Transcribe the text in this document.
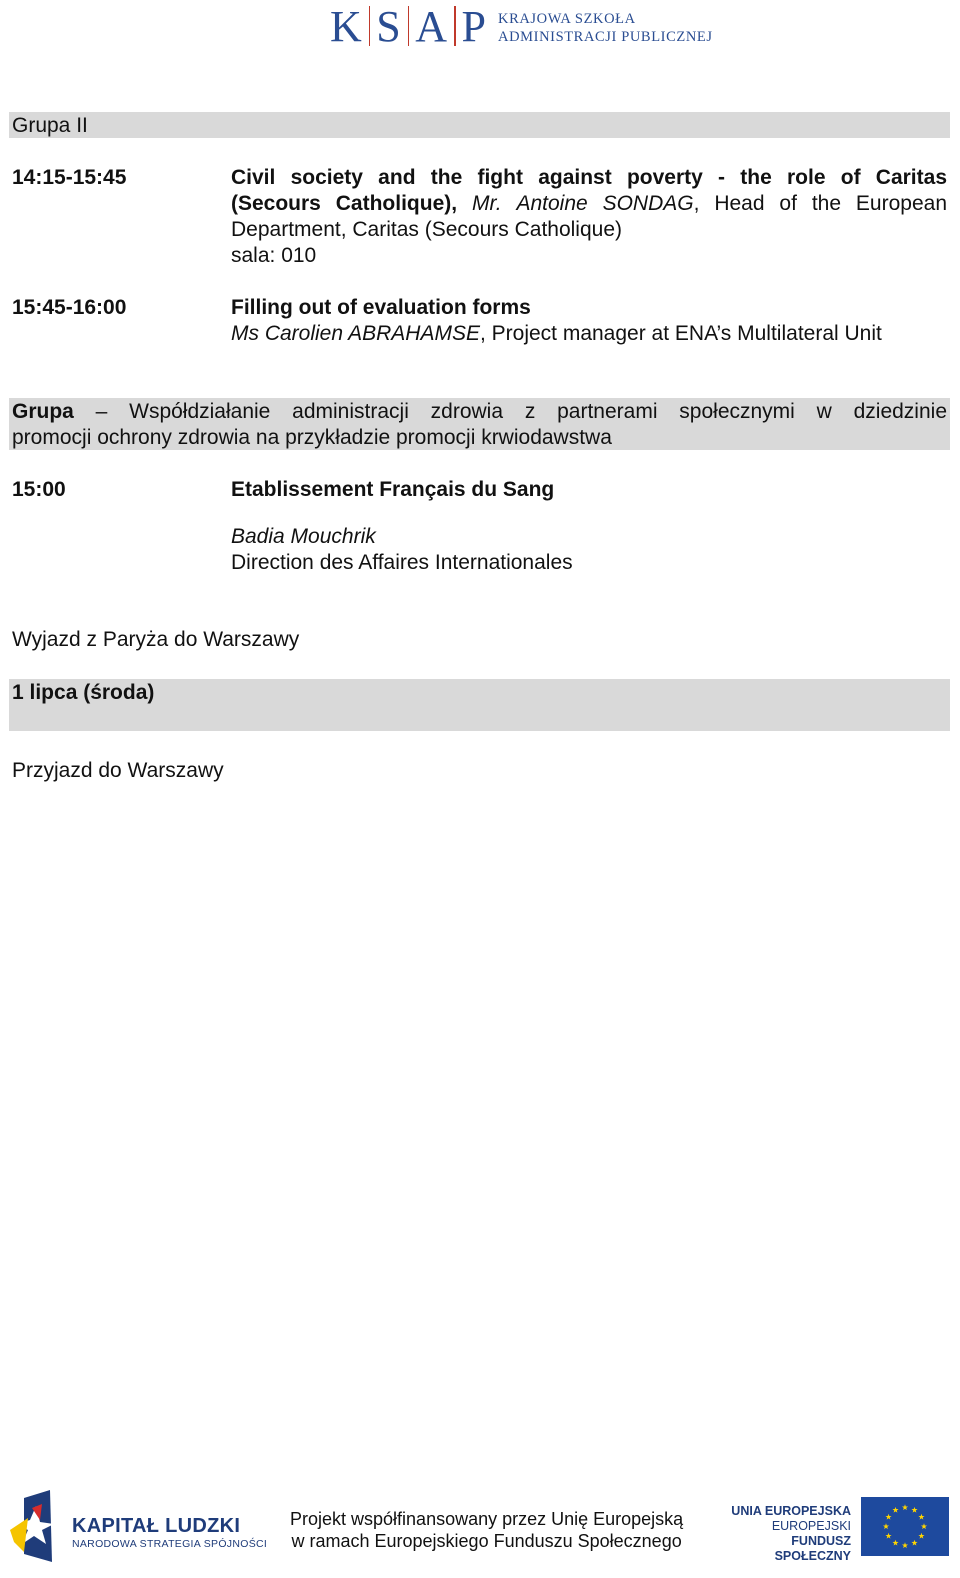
K S A P KRAJOWA SZKOŁA
ADMINISTRACJI PUBLICZNEJ
Grupa II
14:15-15:45	Civil society and the fight against poverty - the role of Caritas
(Secours Catholique), Mr. Antoine SONDAG, Head of the European
Department, Caritas (Secours Catholique)
sala: 010
15:45-16:00	Filling out of evaluation forms
Ms Carolien ABRAHAMSE, Project manager at ENA’s Multilateral Unit
Grupa – Współdziałanie administracji zdrowia z partnerami społecznymi w dziedzinie
promocji ochrony zdrowia na przykładzie promocji krwiodawstwa
15:00	Etablissement Français du Sang
Badia Mouchrik
Direction des Affaires Internationales
Wyjazd z Paryża do Warszawy
1 lipca (środa)
Przyjazd do Warszawy
KAPITAŁ LUDZKI
NARODOWA STRATEGIA SPÓJNOŚCI
Projekt współfinansowany przez Unię Europejską
w ramach Europejskiego Funduszu Społecznego
UNIA EUROPEJSKA
EUROPEJSKI
FUNDUSZ SPOŁECZNY
